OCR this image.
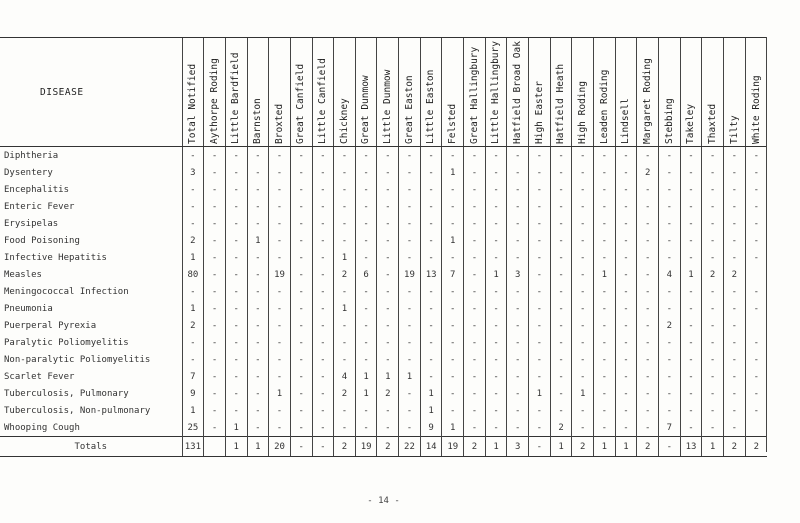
DISEASE	Total Notified	Aythorpe Roding	Little Bardfield	Barnston	Broxted	Great Canfield	Little Canfield	Chickney	Great Dunmow	Little Dunmow	Great Easton	Little Easton	Felsted	Great Hallingbury	Little Hallingbury	Hatfield Broad Oak	High Easter	Hatfield Heath	High Roding	Leaden Roding	Lindsell	Margaret Roding	Stebbing	Takeley	Thaxted	Tilty	White Roding

Diphtheria	-	-	-	-	-	-	-	-	-	-	-	-	-	-	-	-	-	-	-	-	-	-	-	-	-	-	-
Dysentery	3	-	-	-	-	-	-	-	-	-	-	-	1	-	-	-	-	-	-	-	-	2	-	-	-	-	-
Encephalitis	-	-	-	-	-	-	-	-	-	-	-	-	-	-	-	-	-	-	-	-	-	-	-	-	-	-	-
Enteric Fever	-	-	-	-	-	-	-	-	-	-	-	-	-	-	-	-	-	-	-	-	-	-	-	-	-	-	-
Erysipelas	-	-	-	-	-	-	-	-	-	-	-	-	-	-	-	-	-	-	-	-	-	-	-	-	-	-	-
Food Poisoning	2	-	-	1	-	-	-	-	-	-	-	-	1	-	-	-	-	-	-	-	-	-	-	-	-	-	-
Infective Hepatitis	1	-	-	-	-	-	-	1	-	-	-	-	-	-	-	-	-	-	-	-	-	-	-	-	-	-	-
Measles	80	-	-	-	19	-	-	2	6	-	19	13	7	-	1	3	-	-	-	1	-	-	4	1	2	2	
Meningococcal Infection	-	-	-	-	-	-	-	-	-	-	-	-	-	-	-	-	-	-	-	-	-	-	-	-	-	-	-
Pneumonia	1	-	-	-	-	-	-	1	-	-	-	-	-	-	-	-	-	-	-	-	-	-	-	-	-	-	-
Puerperal Pyrexia	2	-	-	-	-	-	-	-	-	-	-	-	-	-	-	-	-	-	-	-	-	-	2	-	-	-	
Paralytic Poliomyelitis	-	-	-	-	-	-	-	-	-	-	-	-	-	-	-	-	-	-	-	-	-	-	-	-	-	-	-
Non-paralytic Poliomyelitis	-	-	-	-	-	-	-	-	-	-	-	-	-	-	-	-	-	-	-	-	-	-	-	-	-	-	-
Scarlet Fever	7	-	-	-	-	-	-	4	1	1	1	-	-	-	-	-	-	-	-	-	-	-	-	-	-	-	-
Tuberculosis, Pulmonary	9	-	-	-	1	-	-	2	1	2	-	1	-	-	-	-	1	-	1	-	-	-	-	-	-	-	-
Tuberculosis, Non-pulmonary	1	-	-	-	-	-	-	-	-	-	-	1	-	-	-	-	-	-	-	-	-	-	-	-	-	-	-
Whooping Cough	25	-	1	-	-	-	-	-	-	-	-	9	1	-	-	-	-	2	-	-	-	-	7	-	-	-	
Totals	131		1	1	20	-	-	2	19	2	22	14	19	2	1	3	-	1	2	1	1	2	-	13	1	2	2
- 14 -
